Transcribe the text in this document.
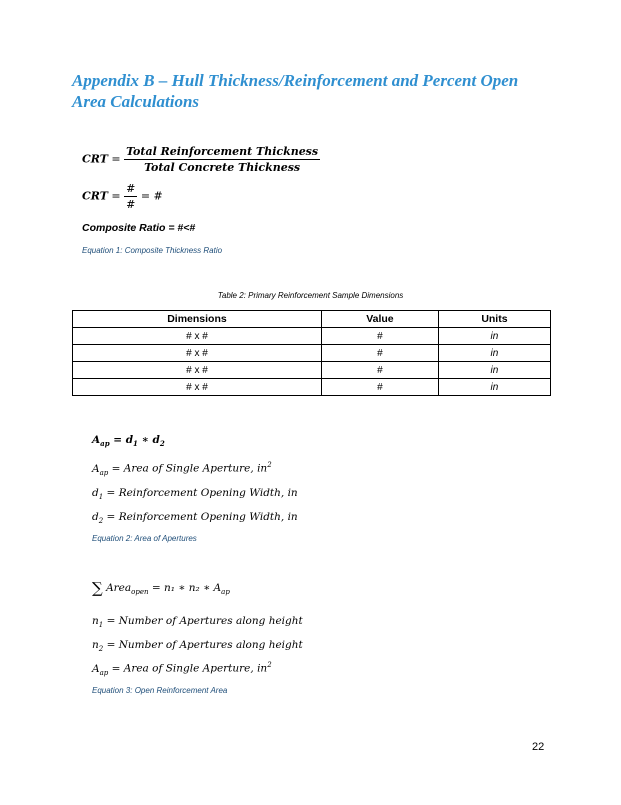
Appendix B – Hull Thickness/Reinforcement and Percent Open Area Calculations
CRT = $\frac{\text{Total Reinforcement Thickness}}{\text{Total Concrete Thickness}}$
CRT = $\frac{\#}{\#}$ = #
Composite Ratio = #<#
Equation 1: Composite Thickness Ratio
Table 2: Primary Reinforcement Sample Dimensions
Dimensions	Value	Units
# x #	#	in
# x #	#	in
# x #	#	in
# x #	#	in
$A_{ap} = d_1$ ∗ $d_2$
$A_{ap}$ = Area of Single Aperture, $in^2$
$d_1$ = Reinforcement Opening Width, in
$d_2$ = Reinforcement Opening Width, in
Equation 2: Area of Apertures
∑ Area$_{open}$ = n₁ ∗ n₂ ∗ $A_{ap}$
$n_1$ = Number of Apertures along height
$n_2$ = Number of Apertures along height
$A_{ap}$ = Area of Single Aperture, $in^2$
Equation 3: Open Reinforcement Area
22
